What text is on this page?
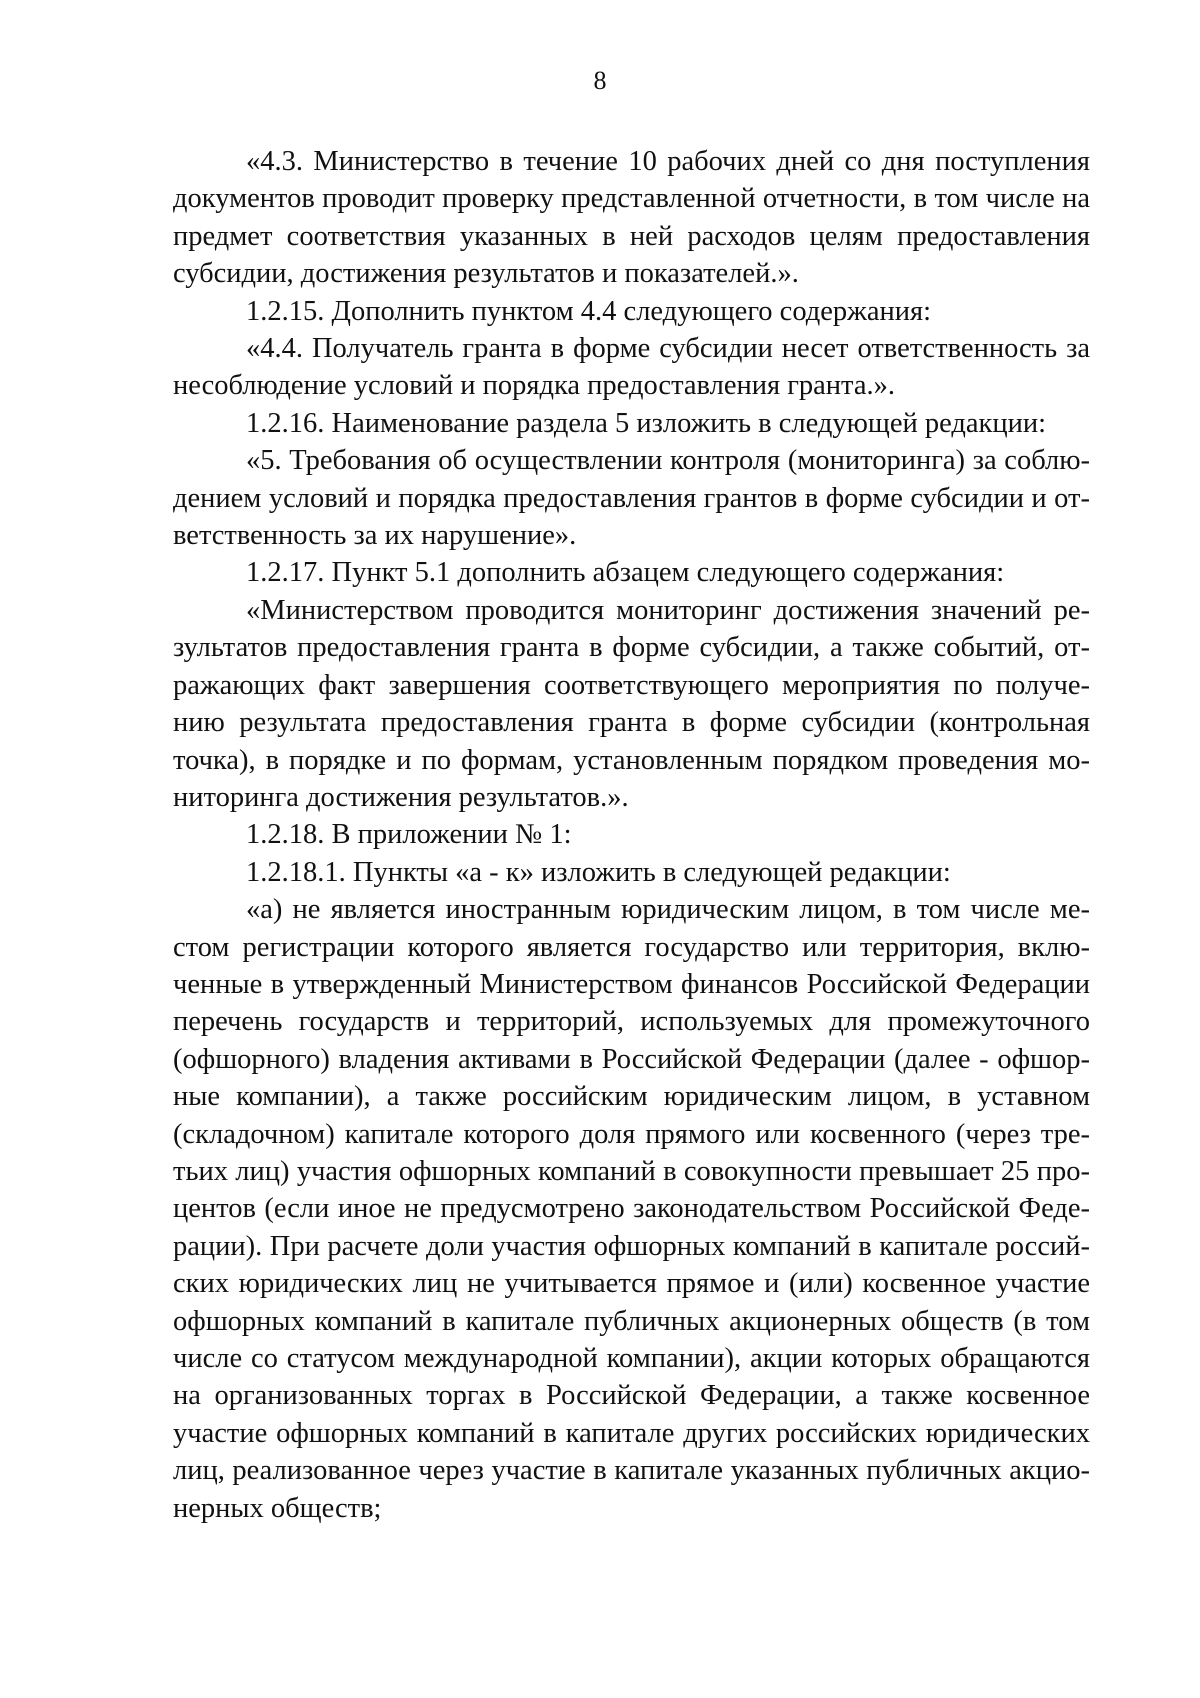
8

«4.3. Министерство в течение 10 рабочих дней со дня поступления документов проводит проверку представленной отчетности, в том числе на предмет соответствия указанных в ней расходов целям предоставления субсидии, достижения результатов и показателей.».

1.2.15. Дополнить пунктом 4.4 следующего содержания:

«4.4. Получатель гранта в форме субсидии несет ответственность за несоблюдение условий и порядка предоставления гранта.».

1.2.16. Наименование раздела 5 изложить в следующей редакции:

«5. Требования об осуществлении контроля (мониторинга) за соблюдением условий и порядка предоставления грантов в форме субсидии и ответственность за их нарушение».

1.2.17. Пункт 5.1 дополнить абзацем следующего содержания:

«Министерством проводится мониторинг достижения значений результатов предоставления гранта в форме субсидии, а также событий, отражающих факт завершения соответствующего мероприятия по получению результата предоставления гранта в форме субсидии (контрольная точка), в порядке и по формам, установленным порядком проведения мониторинга достижения результатов.».

1.2.18. В приложении № 1:

1.2.18.1. Пункты «а - к» изложить в следующей редакции:

«а) не является иностранным юридическим лицом, в том числе местом регистрации которого является государство или территория, включенные в утвержденный Министерством финансов Российской Федерации перечень государств и территорий, используемых для промежуточного (офшорного) владения активами в Российской Федерации (далее - офшорные компании), а также российским юридическим лицом, в уставном (складочном) капитале которого доля прямого или косвенного (через третьих лиц) участия офшорных компаний в совокупности превышает 25 процентов (если иное не предусмотрено законодательством Российской Федерации). При расчете доли участия офшорных компаний в капитале российских юридических лиц не учитывается прямое и (или) косвенное участие офшорных компаний в капитале публичных акционерных обществ (в том числе со статусом международной компании), акции которых обращаются на организованных торгах в Российской Федерации, а также косвенное участие офшорных компаний в капитале других российских юридических лиц, реализованное через участие в капитале указанных публичных акционерных обществ;
